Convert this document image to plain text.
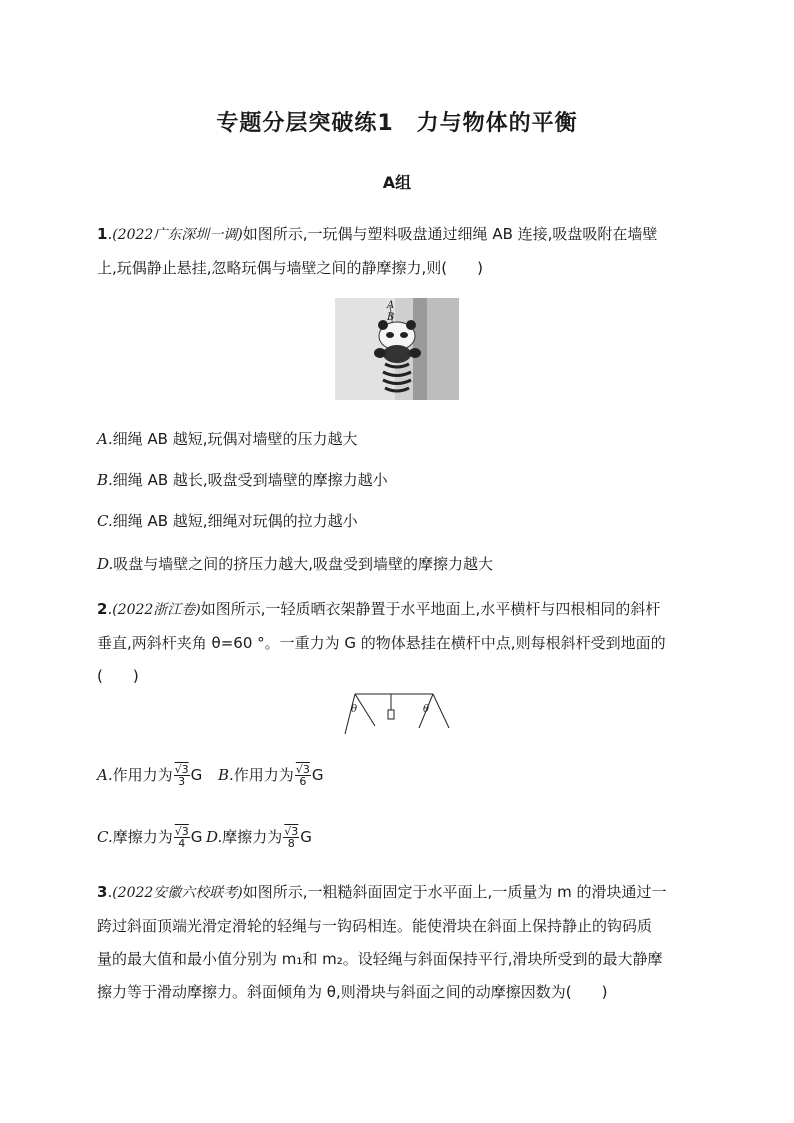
专题分层突破练1　力与物体的平衡
A组
1.(2022广东深圳一调)如图所示,一玩偶与塑料吸盘通过细绳 AB 连接,吸盘吸附在墙壁
上,玩偶静止悬挂,忽略玩偶与墙壁之间的静摩擦力,则(　　)
A
B
A.细绳 AB 越短,玩偶对墙壁的压力越大
B.细绳 AB 越长,吸盘受到墙壁的摩擦力越小
C.细绳 AB 越短,细绳对玩偶的拉力越小
D.吸盘与墙壁之间的挤压力越大,吸盘受到墙壁的摩擦力越大
2.(2022浙江卷)如图所示,一轻质晒衣架静置于水平地面上,水平横杆与四根相同的斜杆
垂直,两斜杆夹角 θ=60 °。一重力为 G 的物体悬挂在横杆中点,则每根斜杆受到地面的
(　　)
θ	θ
A.作用力为 $\frac{√3}{3}$ G B.作用力为 $\frac{√3}{6}$ G
C.摩擦力为 $\frac{√3}{4}$ G D.摩擦力为 $\frac{√3}{8}$ G
3.(2022安徽六校联考)如图所示,一粗糙斜面固定于水平面上,一质量为 m 的滑块通过一
跨过斜面顶端光滑定滑轮的轻绳与一钩码相连。能使滑块在斜面上保持静止的钩码质
量的最大值和最小值分别为 m₁和 m₂。设轻绳与斜面保持平行,滑块所受到的最大静摩
擦力等于滑动摩擦力。斜面倾角为 θ,则滑块与斜面之间的动摩擦因数为(　　)
